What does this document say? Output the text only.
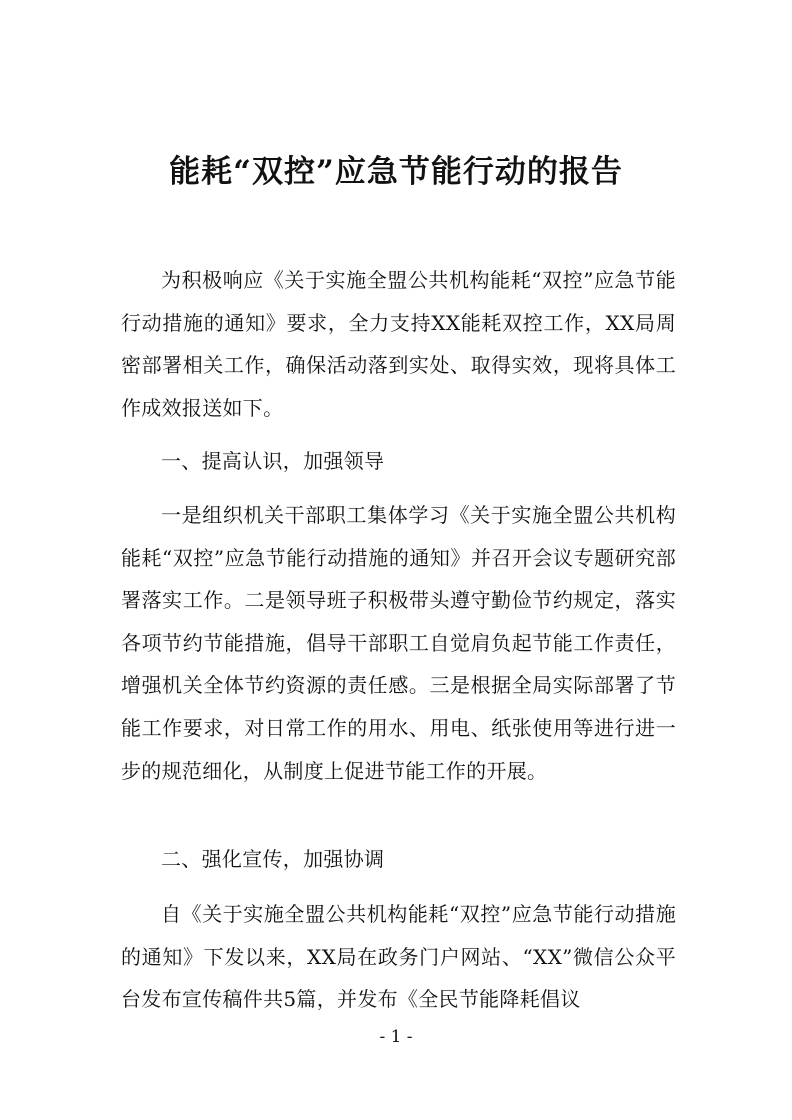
能耗“双控”应急节能行动的报告

为积极响应《关于实施全盟公共机构能耗“双控”应急节能行动措施的通知》要求，全力支持XX能耗双控工作，XX局周密部署相关工作，确保活动落到实处、取得实效，现将具体工作成效报送如下。

一、提高认识，加强领导

一是组织机关干部职工集体学习《关于实施全盟公共机构能耗“双控”应急节能行动措施的通知》并召开会议专题研究部署落实工作。二是领导班子积极带头遵守勤俭节约规定，落实各项节约节能措施，倡导干部职工自觉肩负起节能工作责任，增强机关全体节约资源的责任感。三是根据全局实际部署了节能工作要求，对日常工作的用水、用电、纸张使用等进行进一步的规范细化，从制度上促进节能工作的开展。

二、强化宣传，加强协调

自《关于实施全盟公共机构能耗“双控”应急节能行动措施的通知》下发以来，XX局在政务门户网站、“XX”微信公众平台发布宣传稿件共5篇，并发布《全民节能降耗倡议

- 1 -
